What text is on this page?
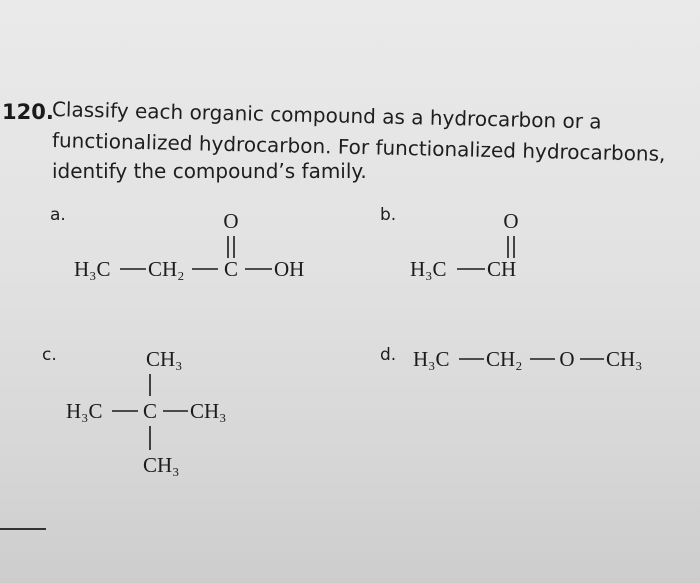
120.
Classify each organic compound as a hydrocarbon or a
functionalized hydrocarbon. For functionalized hydrocarbons,
identify the compound’s family.
a.	b.
c.	d.
O
H₃C CH₂ C OH
O
H₃C CH
CH₃
H₃C C CH₃
CH₃
H₃C CH₂ O CH₃
